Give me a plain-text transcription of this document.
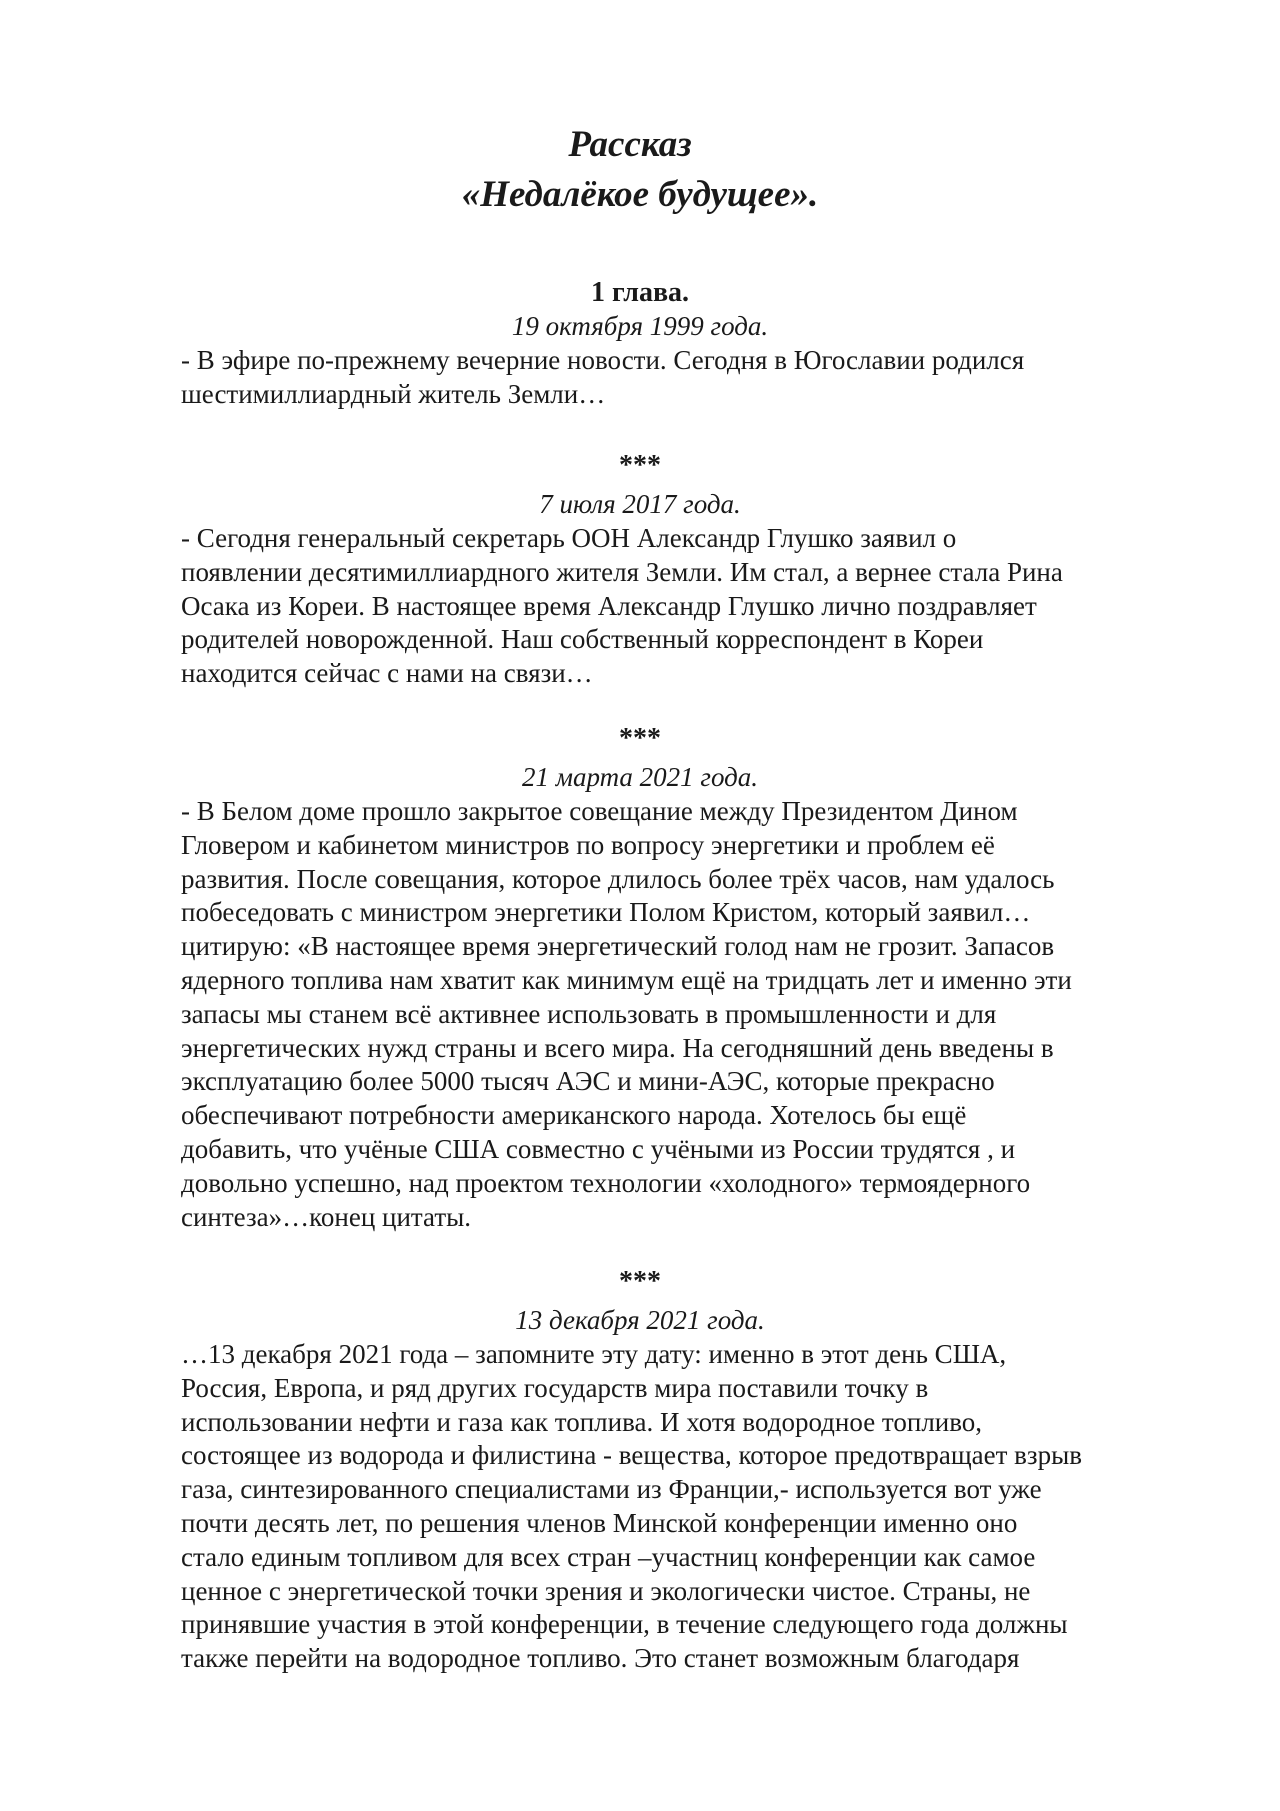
Рассказ
«Недалёкое будущее».
1 глава.
19 октября 1999 года.
- В эфире по-прежнему вечерние новости. Сегодня в Югославии родился
шестимиллиардный житель Земли…
***
7 июля 2017 года.
- Сегодня генеральный секретарь ООН Александр Глушко заявил о
появлении десятимиллиардного жителя Земли. Им стал, а вернее стала Рина
Осака из Кореи. В настоящее время Александр Глушко лично поздравляет
родителей новорожденной. Наш собственный корреспондент в Кореи
находится сейчас с нами на связи…
***
21 марта 2021 года.
- В Белом доме прошло закрытое совещание между Президентом Дином
Гловером и кабинетом министров по вопросу энергетики и проблем её
развития. После совещания, которое длилось более трёх часов, нам удалось
побеседовать с министром энергетики Полом Кристом, который заявил…
цитирую: «В настоящее время энергетический голод нам не грозит. Запасов
ядерного топлива нам хватит как минимум ещё на тридцать лет и именно эти
запасы мы станем всё активнее использовать в промышленности и для
энергетических нужд страны и всего мира. На сегодняшний день введены в
эксплуатацию более 5000 тысяч АЭС и мини-АЭС, которые прекрасно
обеспечивают потребности американского народа. Хотелось бы ещё
добавить, что учёные США совместно с учёными из России трудятся , и
довольно успешно, над проектом технологии «холодного» термоядерного
синтеза»…конец цитаты.
***
13 декабря 2021 года.
…13 декабря 2021 года – запомните эту дату: именно в этот день США,
Россия, Европа, и ряд других государств мира поставили точку в
использовании нефти и газа как топлива. И хотя водородное топливо,
состоящее из водорода и филистина - вещества, которое предотвращает взрыв
газа, синтезированного специалистами из Франции,- используется вот уже
почти десять лет, по решения членов Минской конференции именно оно
стало единым топливом для всех стран –участниц конференции как самое
ценное с энергетической точки зрения и экологически чистое. Страны, не
принявшие участия в этой конференции, в течение следующего года должны
также перейти на водородное топливо. Это станет возможным благодаря
